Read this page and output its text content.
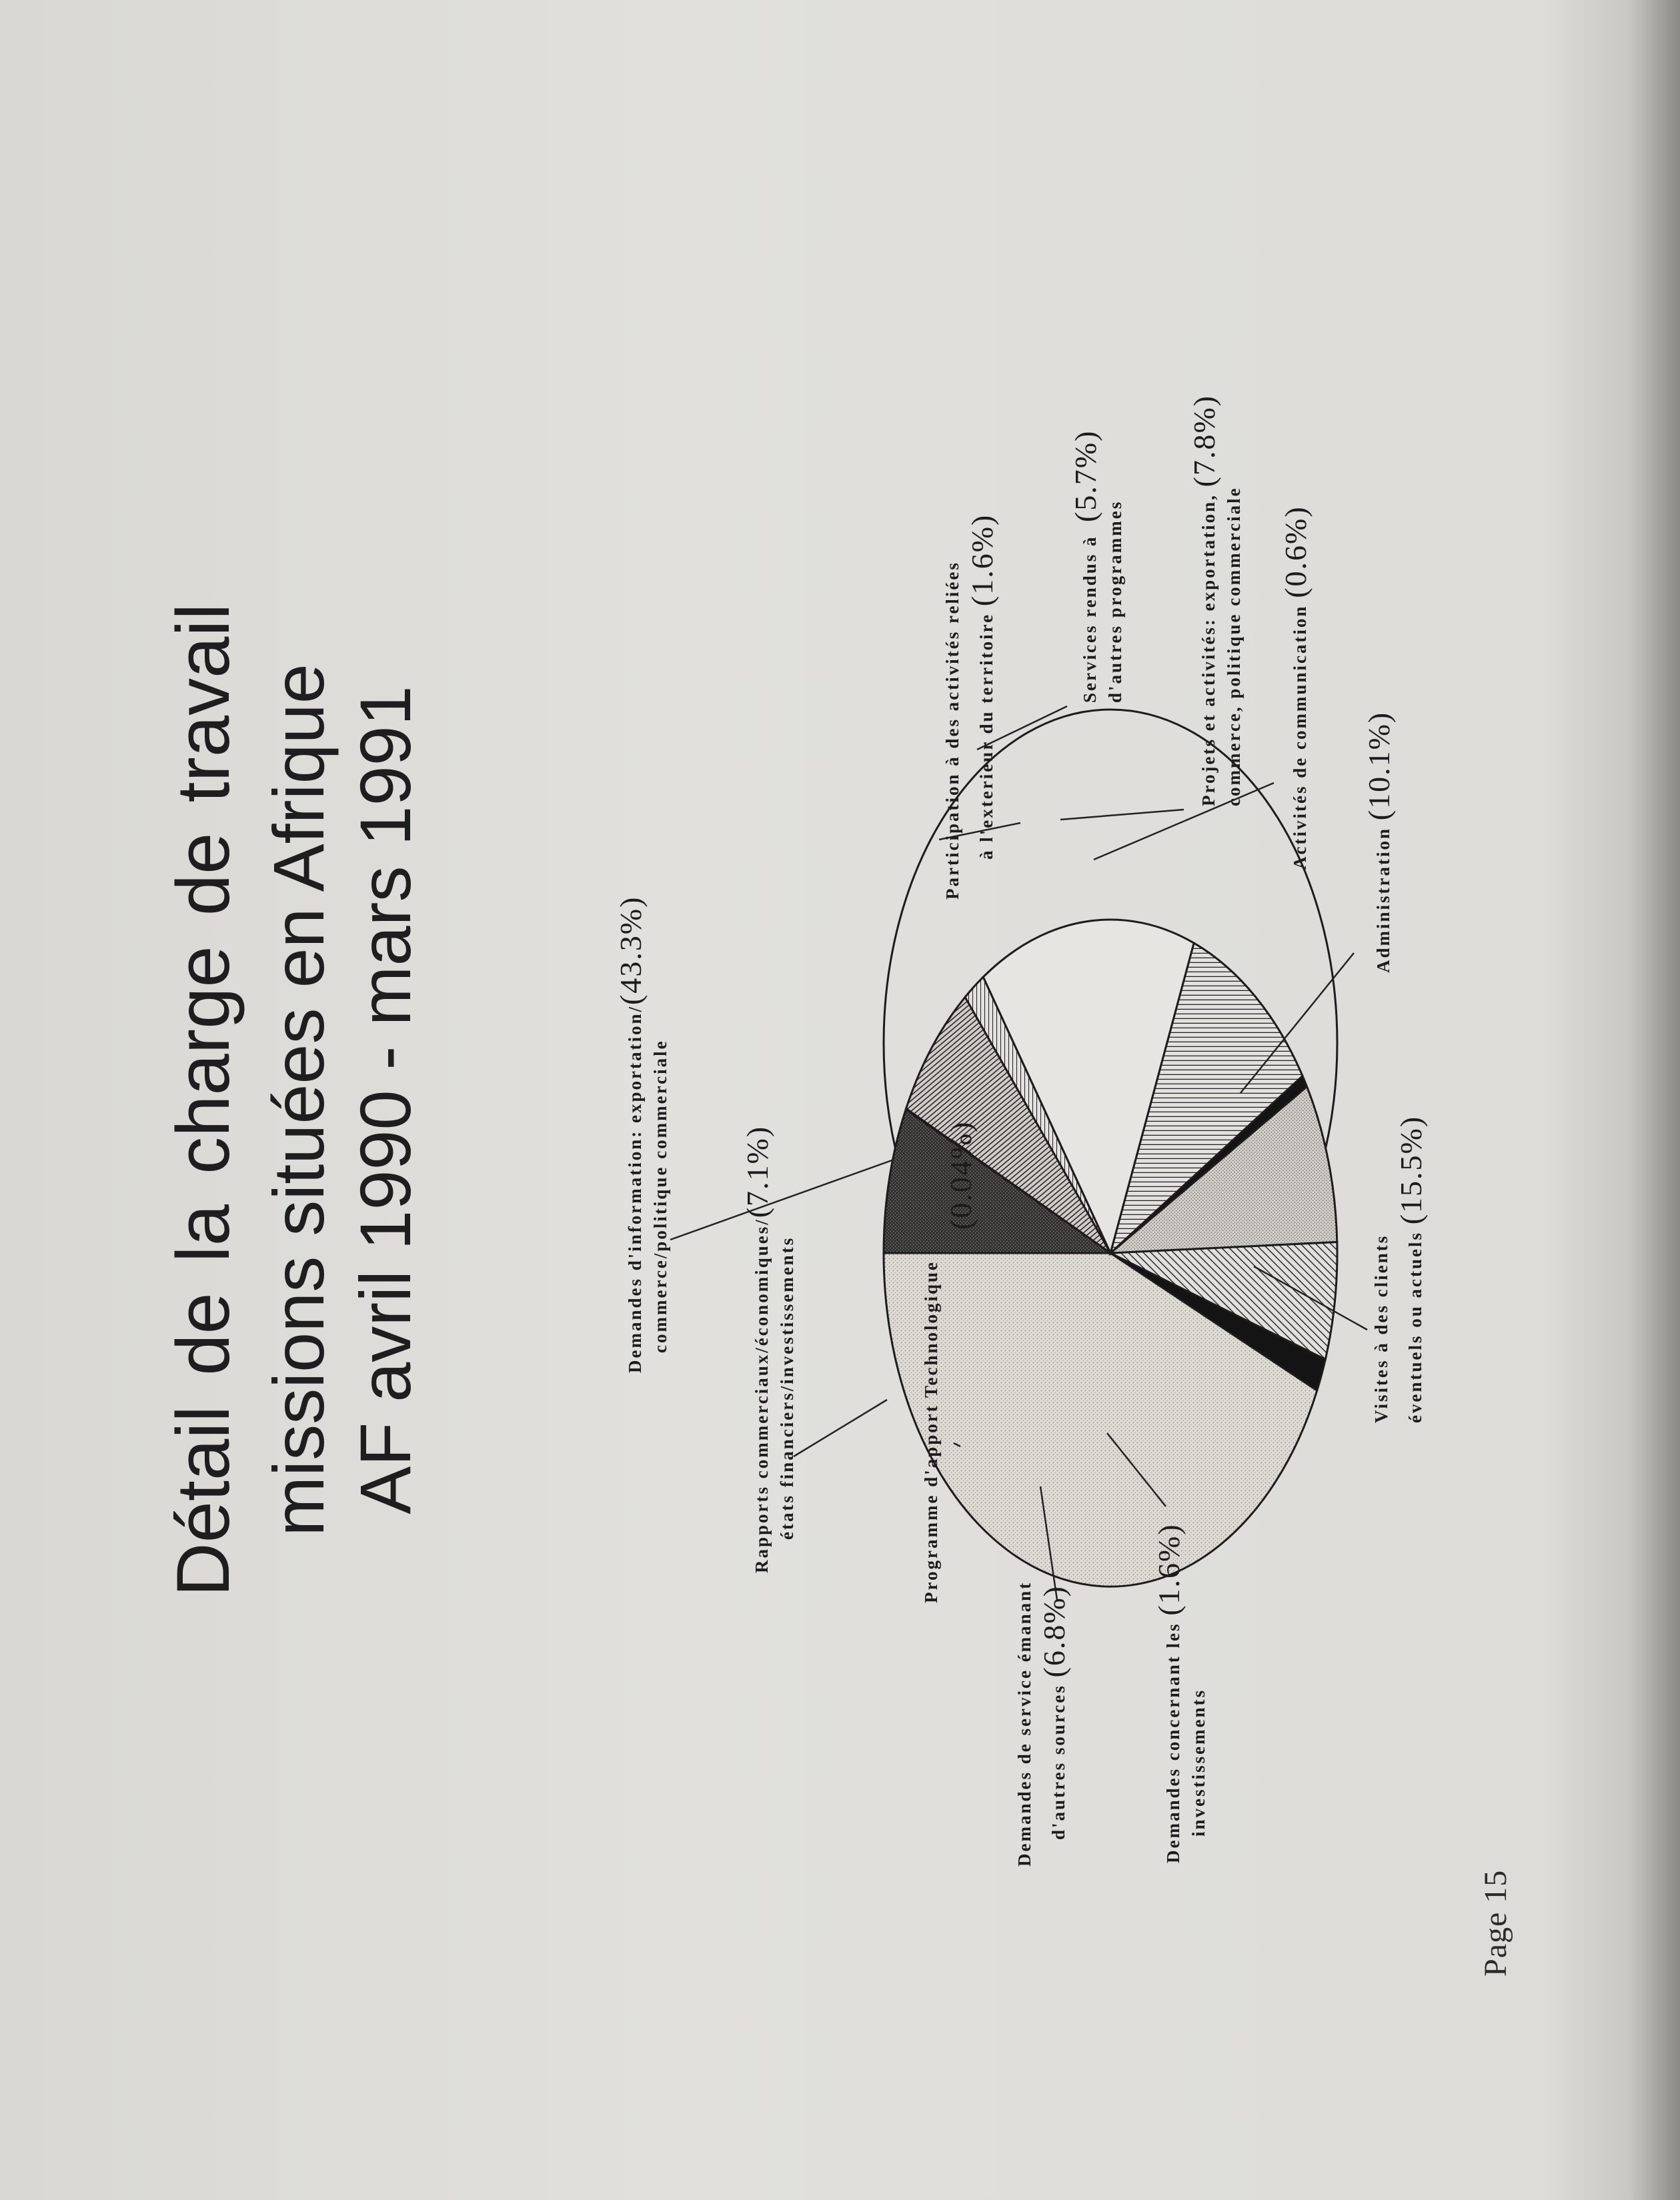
Détail de la charge de travail missions situées en Afrique AF avril 1990 - mars 1991
Page 15
Demandes d'information: exportation/(43.3%)
commerce/politique commerciale
Participation à des activités reliées à l'exterieur du territoire (1.6%)	Services rendus à  (5.7%)
d'autres programmes	Projets et activités: exportation, (7.8%)
commerce, politique commerciale	Activités de communication (0.6%)
Administration (10.1%)
Visites à des clients éventuels ou actuels (15.5%)
Demandes concernant les (1.6%)
investissements
Demandes de service émanant d'autres sources (6.8%)
Programme d'apport Technologique
(0.04%)
Rapports commerciaux/économiques/(7.1%)
états financiers/investissements
